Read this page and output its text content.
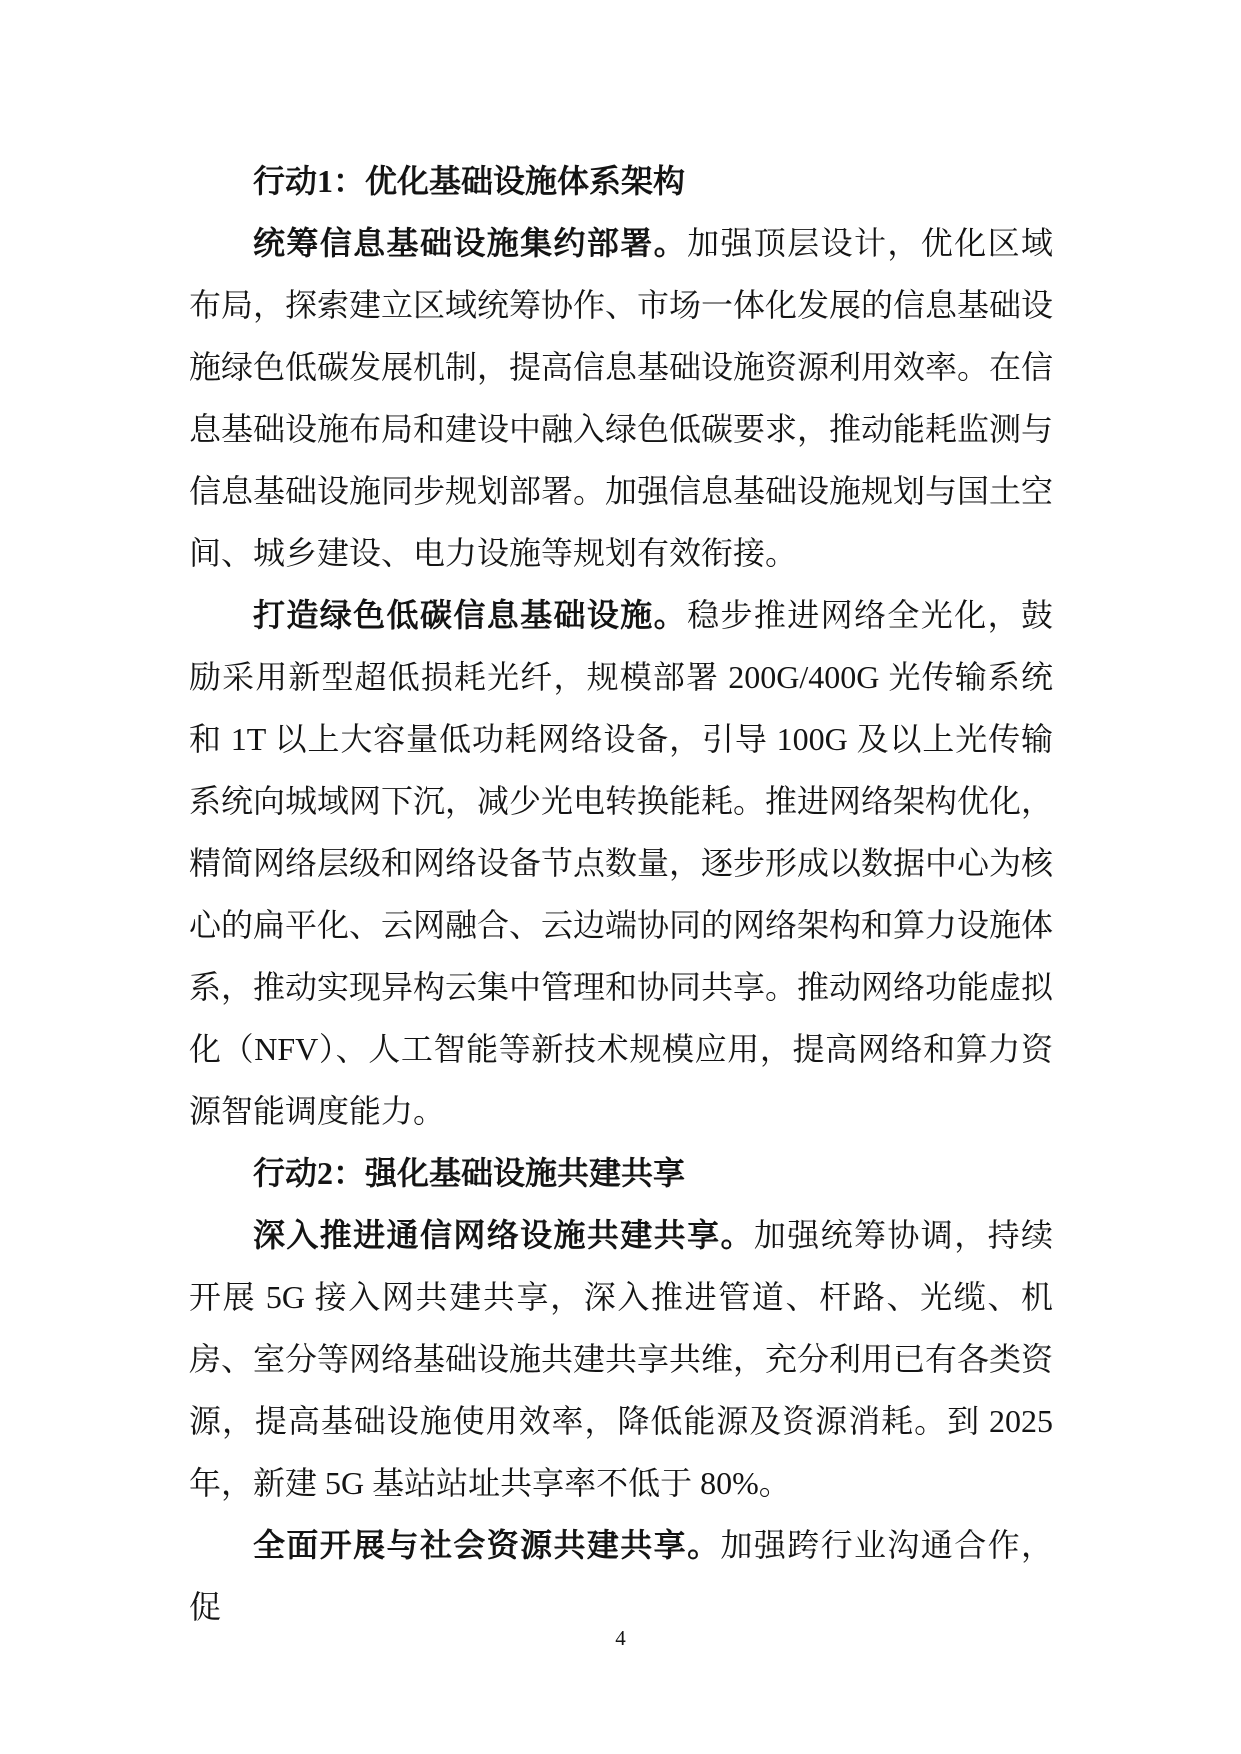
行动1：优化基础设施体系架构

统筹信息基础设施集约部署。加强顶层设计，优化区域布局，探索建立区域统筹协作、市场一体化发展的信息基础设施绿色低碳发展机制，提高信息基础设施资源利用效率。在信息基础设施布局和建设中融入绿色低碳要求，推动能耗监测与信息基础设施同步规划部署。加强信息基础设施规划与国土空间、城乡建设、电力设施等规划有效衔接。

打造绿色低碳信息基础设施。稳步推进网络全光化，鼓励采用新型超低损耗光纤，规模部署 200G/400G 光传输系统和 1T 以上大容量低功耗网络设备，引导 100G 及以上光传输系统向城域网下沉，减少光电转换能耗。推进网络架构优化，精简网络层级和网络设备节点数量，逐步形成以数据中心为核心的扁平化、云网融合、云边端协同的网络架构和算力设施体系，推动实现异构云集中管理和协同共享。推动网络功能虚拟化（NFV）、人工智能等新技术规模应用，提高网络和算力资源智能调度能力。

行动2：强化基础设施共建共享

深入推进通信网络设施共建共享。加强统筹协调，持续开展 5G 接入网共建共享，深入推进管道、杆路、光缆、机房、室分等网络基础设施共建共享共维，充分利用已有各类资源，提高基础设施使用效率，降低能源及资源消耗。到 2025 年，新建 5G 基站站址共享率不低于 80%。

全面开展与社会资源共建共享。加强跨行业沟通合作，促

4
